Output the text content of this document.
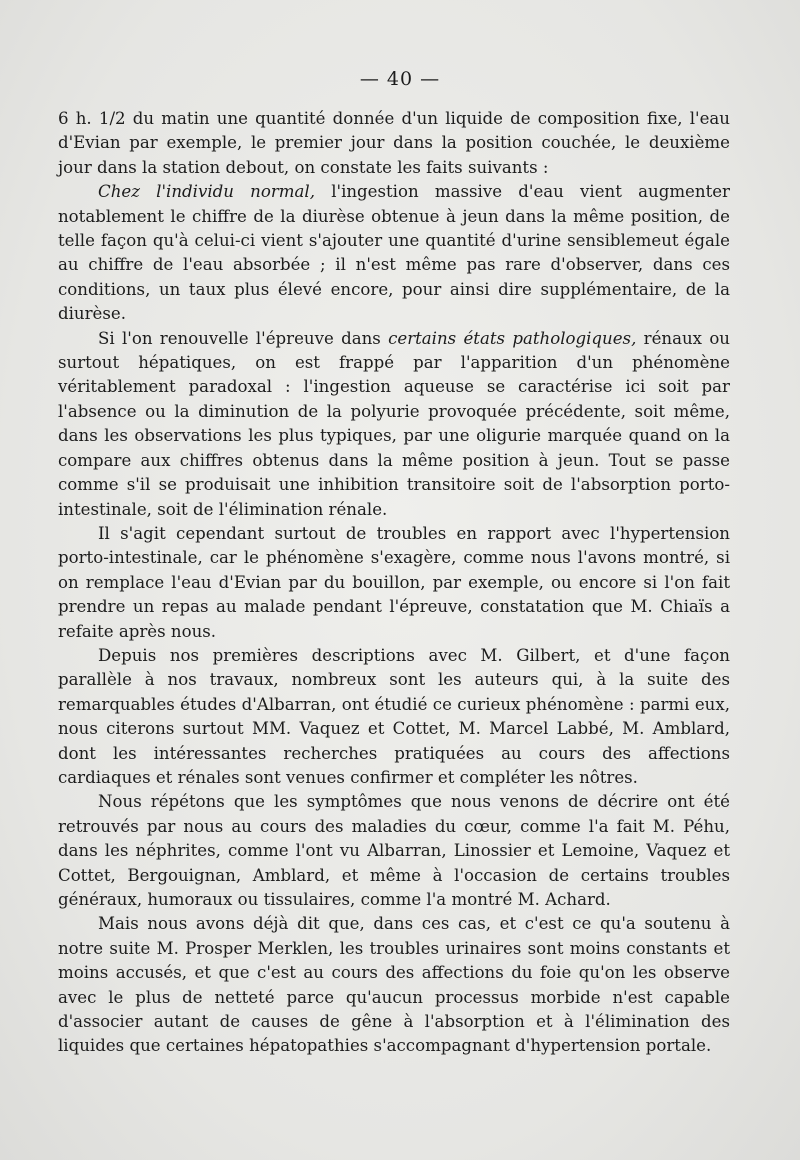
— 40 —

6 h. 1/2 du matin une quantité donnée d'un liquide de composition fixe, l'eau d'Evian par exemple, le premier jour dans la position couchée, le deuxième jour dans la station debout, on constate les faits suivants :

Chez l'individu normal, l'ingestion massive d'eau vient augmenter notablement le chiffre de la diurèse obtenue à jeun dans la même position, de telle façon qu'à celui-ci vient s'ajouter une quantité d'urine sensiblemeut égale au chiffre de l'eau absorbée ; il n'est même pas rare d'observer, dans ces conditions, un taux plus élevé encore, pour ainsi dire supplémentaire, de la diurèse.

Si l'on renouvelle l'épreuve dans certains états pathologiques, rénaux ou surtout hépatiques, on est frappé par l'apparition d'un phénomène véritablement paradoxal : l'ingestion aqueuse se caractérise ici soit par l'absence ou la diminution de la polyurie provoquée précédente, soit même, dans les observations les plus typiques, par une oligurie marquée quand on la compare aux chiffres obtenus dans la même position à jeun. Tout se passe comme s'il se produisait une inhibition transitoire soit de l'absorption porto-intestinale, soit de l'élimination rénale.

Il s'agit cependant surtout de troubles en rapport avec l'hypertension porto-intestinale, car le phénomène s'exagère, comme nous l'avons montré, si on remplace l'eau d'Evian par du bouillon, par exemple, ou encore si l'on fait prendre un repas au malade pendant l'épreuve, constatation que M. Chiaïs a refaite après nous.

Depuis nos premières descriptions avec M. Gilbert, et d'une façon parallèle à nos travaux, nombreux sont les auteurs qui, à la suite des remarquables études d'Albarran, ont étudié ce curieux phénomène : parmi eux, nous citerons surtout MM. Vaquez et Cottet, M. Marcel Labbé, M. Amblard, dont les intéressantes recherches pratiquées au cours des affections cardiaques et rénales sont venues confirmer et compléter les nôtres.

Nous répétons que les symptômes que nous venons de décrire ont été retrouvés par nous au cours des maladies du cœur, comme l'a fait M. Péhu, dans les néphrites, comme l'ont vu Albarran, Linossier et Lemoine, Vaquez et Cottet, Bergouignan, Amblard, et même à l'occasion de certains troubles généraux, humoraux ou tissulaires, comme l'a montré M. Achard.

Mais nous avons déjà dit que, dans ces cas, et c'est ce qu'a soutenu à notre suite M. Prosper Merklen, les troubles urinaires sont moins constants et moins accusés, et que c'est au cours des affections du foie qu'on les observe avec le plus de netteté parce qu'aucun processus morbide n'est capable d'associer autant de causes de gêne à l'absorption et à l'élimination des liquides que certaines hépatopathies s'accompagnant d'hypertension portale.
